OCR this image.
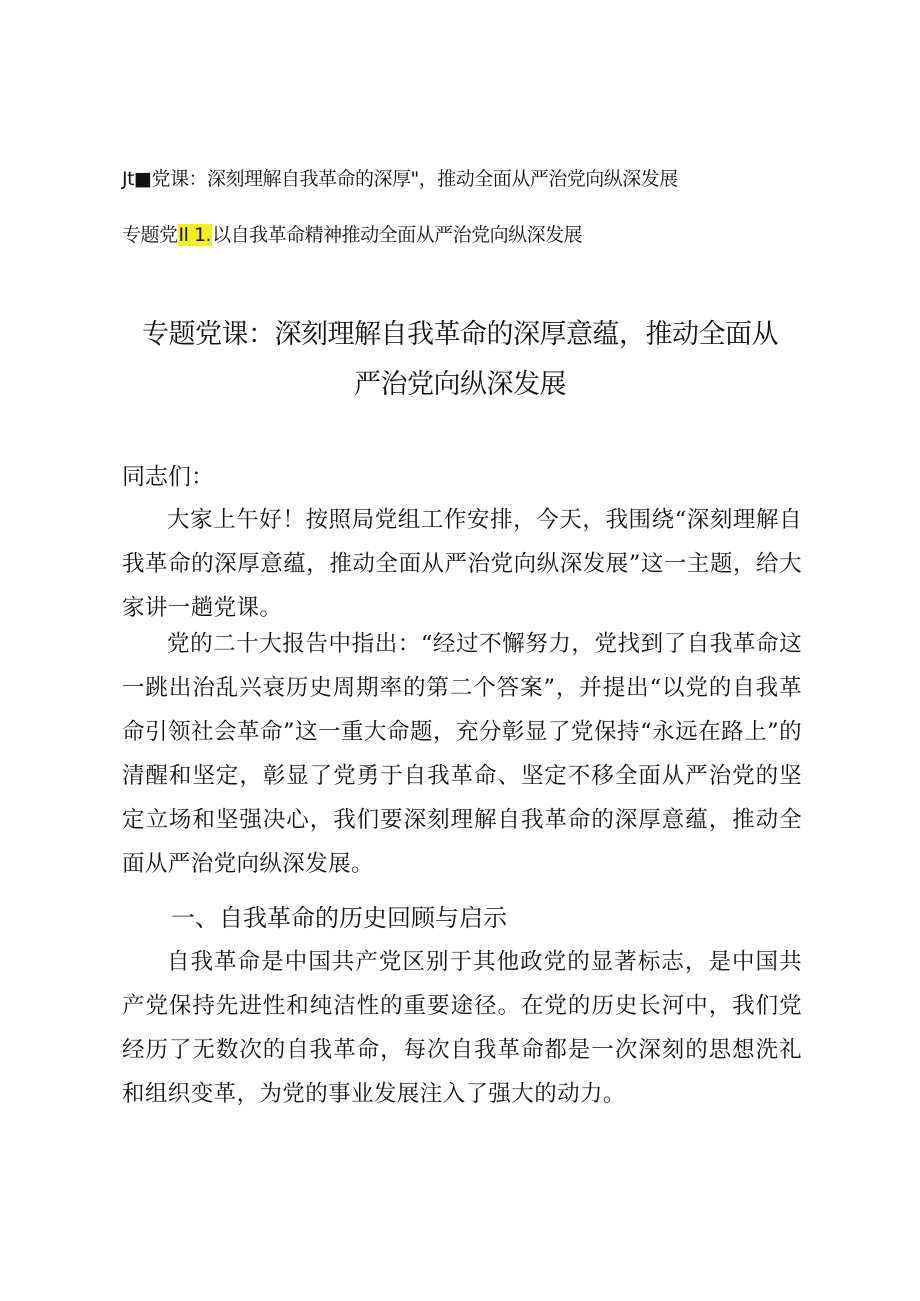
Jt■党课：深刻理解自我革命的深厚"，推动全面从严治党向纵深发展
专题党Il 1.以自我革命精神推动全面从严治党向纵深发展
专题党课：深刻理解自我革命的深厚意蕴，推动全面从
严治党向纵深发展
同志们：

大家上午好！按照局党组工作安排，今天，我围绕“深刻理解自我革命的深厚意蕴，推动全面从严治党向纵深发展”这一主题，给大家讲一趟党课。

党的二十大报告中指出：“经过不懈努力，党找到了自我革命这一跳出治乱兴衰历史周期率的第二个答案”，并提出“以党的自我革命引领社会革命”这一重大命题，充分彰显了党保持“永远在路上”的清醒和坚定，彰显了党勇于自我革命、坚定不移全面从严治党的坚定立场和坚强决心，我们要深刻理解自我革命的深厚意蕴，推动全面从严治党向纵深发展。

一、自我革命的历史回顾与启示

自我革命是中国共产党区别于其他政党的显著标志，是中国共产党保持先进性和纯洁性的重要途径。在党的历史长河中，我们党经历了无数次的自我革命，每次自我革命都是一次深刻的思想洗礼和组织变革，为党的事业发展注入了强大的动力。
